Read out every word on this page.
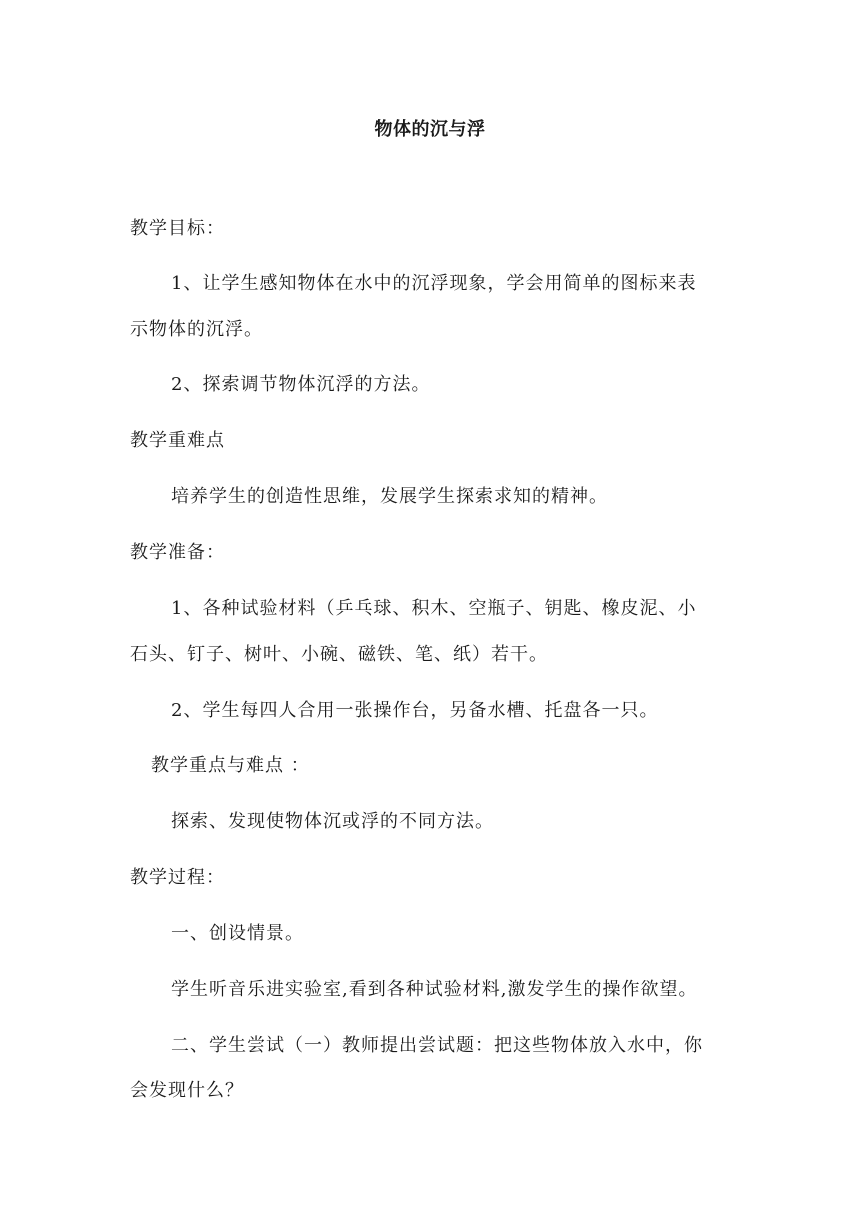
物体的沉与浮
教学目标：
1、让学生感知物体在水中的沉浮现象，学会用简单的图标来表
示物体的沉浮。
2、探索调节物体沉浮的方法。
教学重难点
培养学生的创造性思维，发展学生探索求知的精神。
教学准备：
1、各种试验材料（乒乓球、积木、空瓶子、钥匙、橡皮泥、小
石头、钉子、树叶、小碗、磁铁、笔、纸）若干。
2、学生每四人合用一张操作台，另备水槽、托盘各一只。
教学重点与难点 ：
探索、发现使物体沉或浮的不同方法。
教学过程：
一、创设情景。
学生听音乐进实验室,看到各种试验材料,激发学生的操作欲望。
二、学生尝试（一）教师提出尝试题：把这些物体放入水中，你
会发现什么？
